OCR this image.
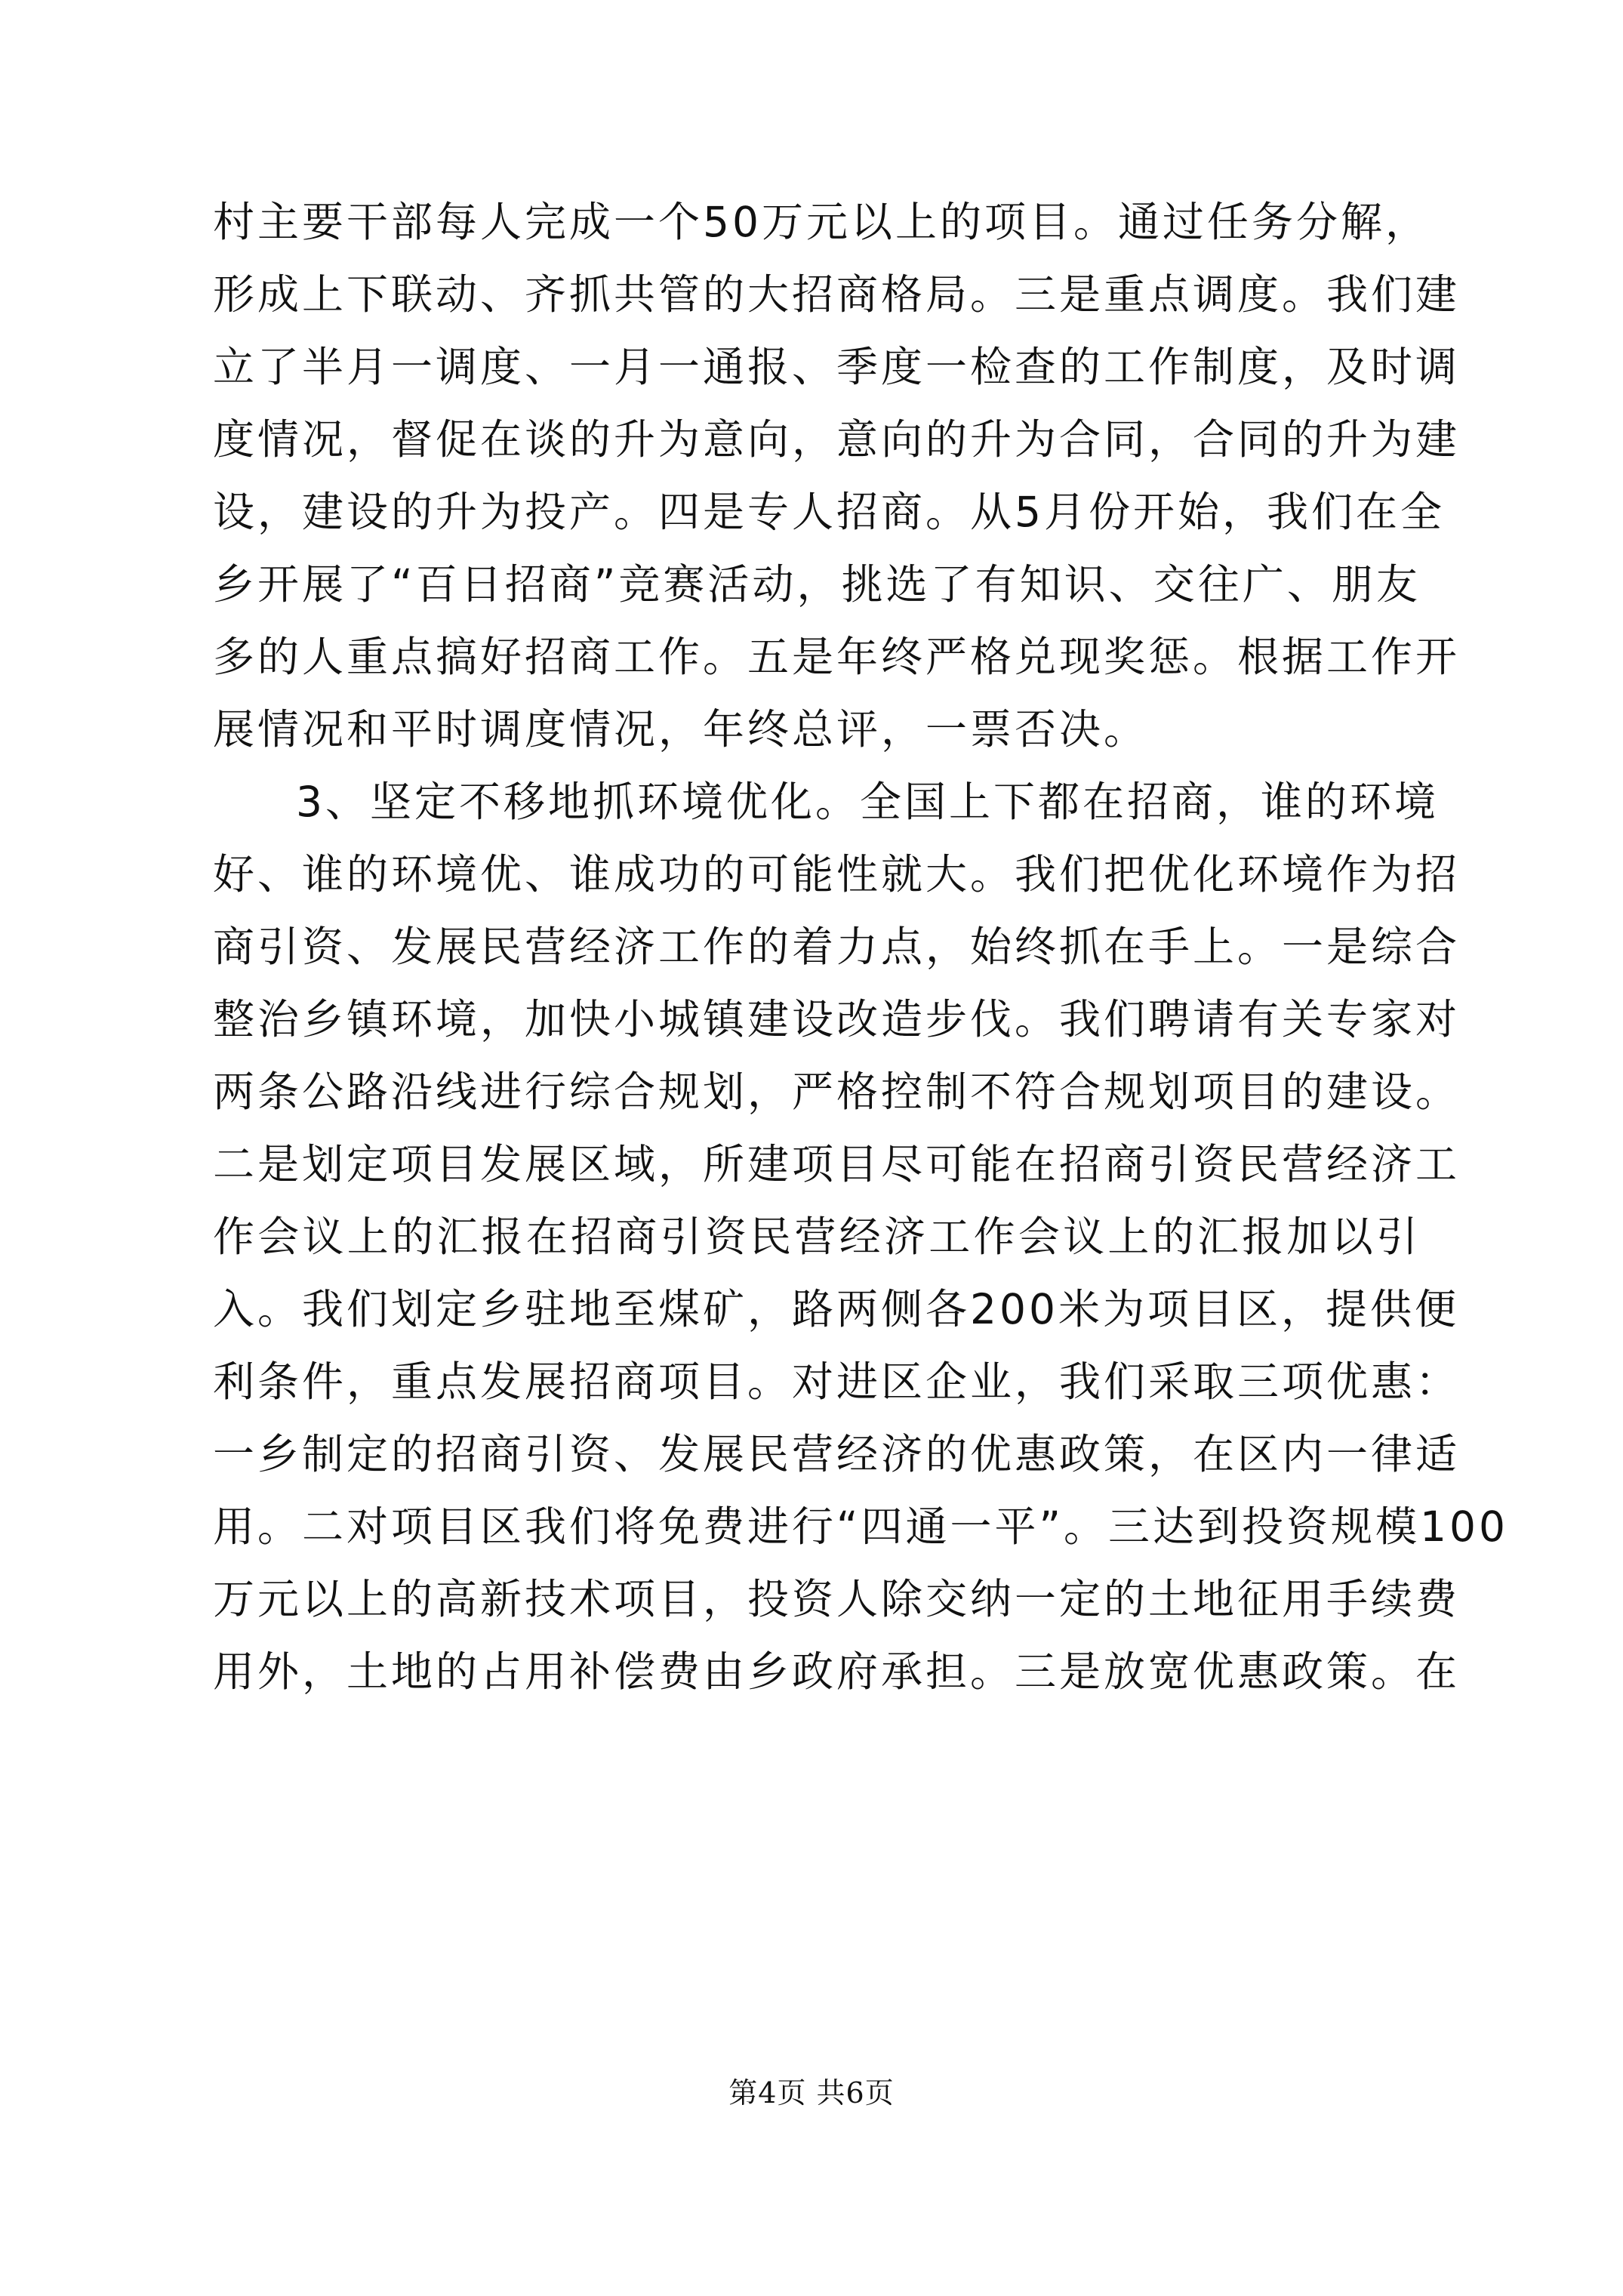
村主要干部每人完成一个50万元以上的项目。通过任务分解，
形成上下联动、齐抓共管的大招商格局。三是重点调度。我们建
立了半月一调度、一月一通报、季度一检查的工作制度，及时调
度情况，督促在谈的升为意向，意向的升为合同，合同的升为建
设，建设的升为投产。四是专人招商。从5月份开始，我们在全
乡开展了“百日招商”竞赛活动，挑选了有知识、交往广、朋友
多的人重点搞好招商工作。五是年终严格兑现奖惩。根据工作开
展情况和平时调度情况，年终总评，一票否决。
3、坚定不移地抓环境优化。全国上下都在招商，谁的环境
好、谁的环境优、谁成功的可能性就大。我们把优化环境作为招
商引资、发展民营经济工作的着力点，始终抓在手上。一是综合
整治乡镇环境，加快小城镇建设改造步伐。我们聘请有关专家对
两条公路沿线进行综合规划，严格控制不符合规划项目的建设。
二是划定项目发展区域，所建项目尽可能在招商引资民营经济工
作会议上的汇报在招商引资民营经济工作会议上的汇报加以引
入。我们划定乡驻地至煤矿，路两侧各200米为项目区，提供便
利条件，重点发展招商项目。对进区企业，我们采取三项优惠：
一乡制定的招商引资、发展民营经济的优惠政策，在区内一律适
用。二对项目区我们将免费进行“四通一平”。三达到投资规模100
万元以上的高新技术项目，投资人除交纳一定的土地征用手续费
用外，土地的占用补偿费由乡政府承担。三是放宽优惠政策。在
第4页 共6页
